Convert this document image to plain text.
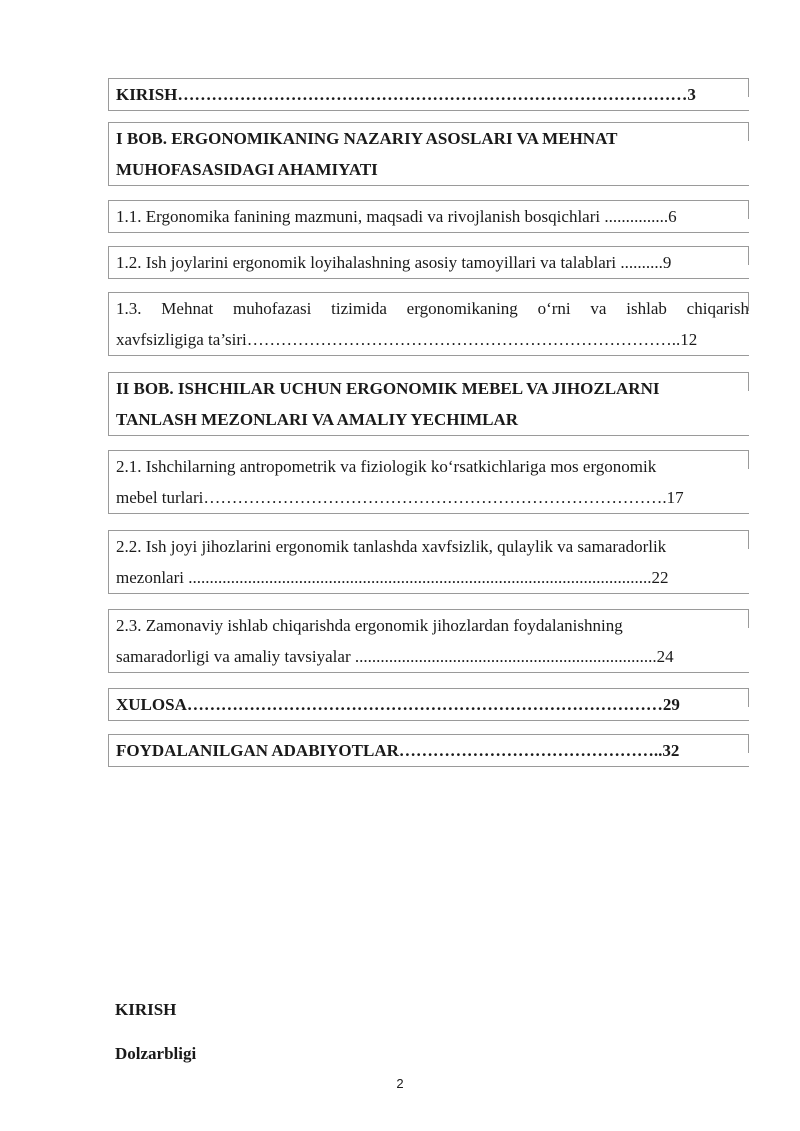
KIRISH………………………………………………………………………………3
I BOB. ERGONOMIKANING NAZARIY ASOSLARI VA MEHNAT
MUHOFASASIDAGI AHAMIYATI
1.1. Ergonomika fanining mazmuni, maqsadi va rivojlanish bosqichlari ...............6
1.2. Ish joylarini ergonomik loyihalashning asosiy tamoyillari va talablari ..........9
1.3. Mehnat muhofazasi tizimida ergonomikaning o‘rni va ishlab chiqarish
xavfsizligiga ta’siri…………………………………………………………………..12
II BOB. ISHCHILAR UCHUN ERGONOMIK MEBEL VA JIHOZLARNI
TANLASH MEZONLARI VA AMALIY YECHIMLAR
2.1. Ishchilarning antropometrik va fiziologik ko‘rsatkichlariga mos ergonomik
mebel turlari……………………………………………………………………….17
2.2. Ish joyi jihozlarini ergonomik tanlashda xavfsizlik, qulaylik va samaradorlik
mezonlari .............................................................................................................22
2.3. Zamonaviy ishlab chiqarishda ergonomik jihozlardan foydalanishning
samaradorligi va amaliy tavsiyalar .......................................................................24
XULOSA…………………………………………………………………………29
FOYDALANILGAN ADABIYOTLAR………………………………………..32
KIRISH
Dolzarbligi
2
